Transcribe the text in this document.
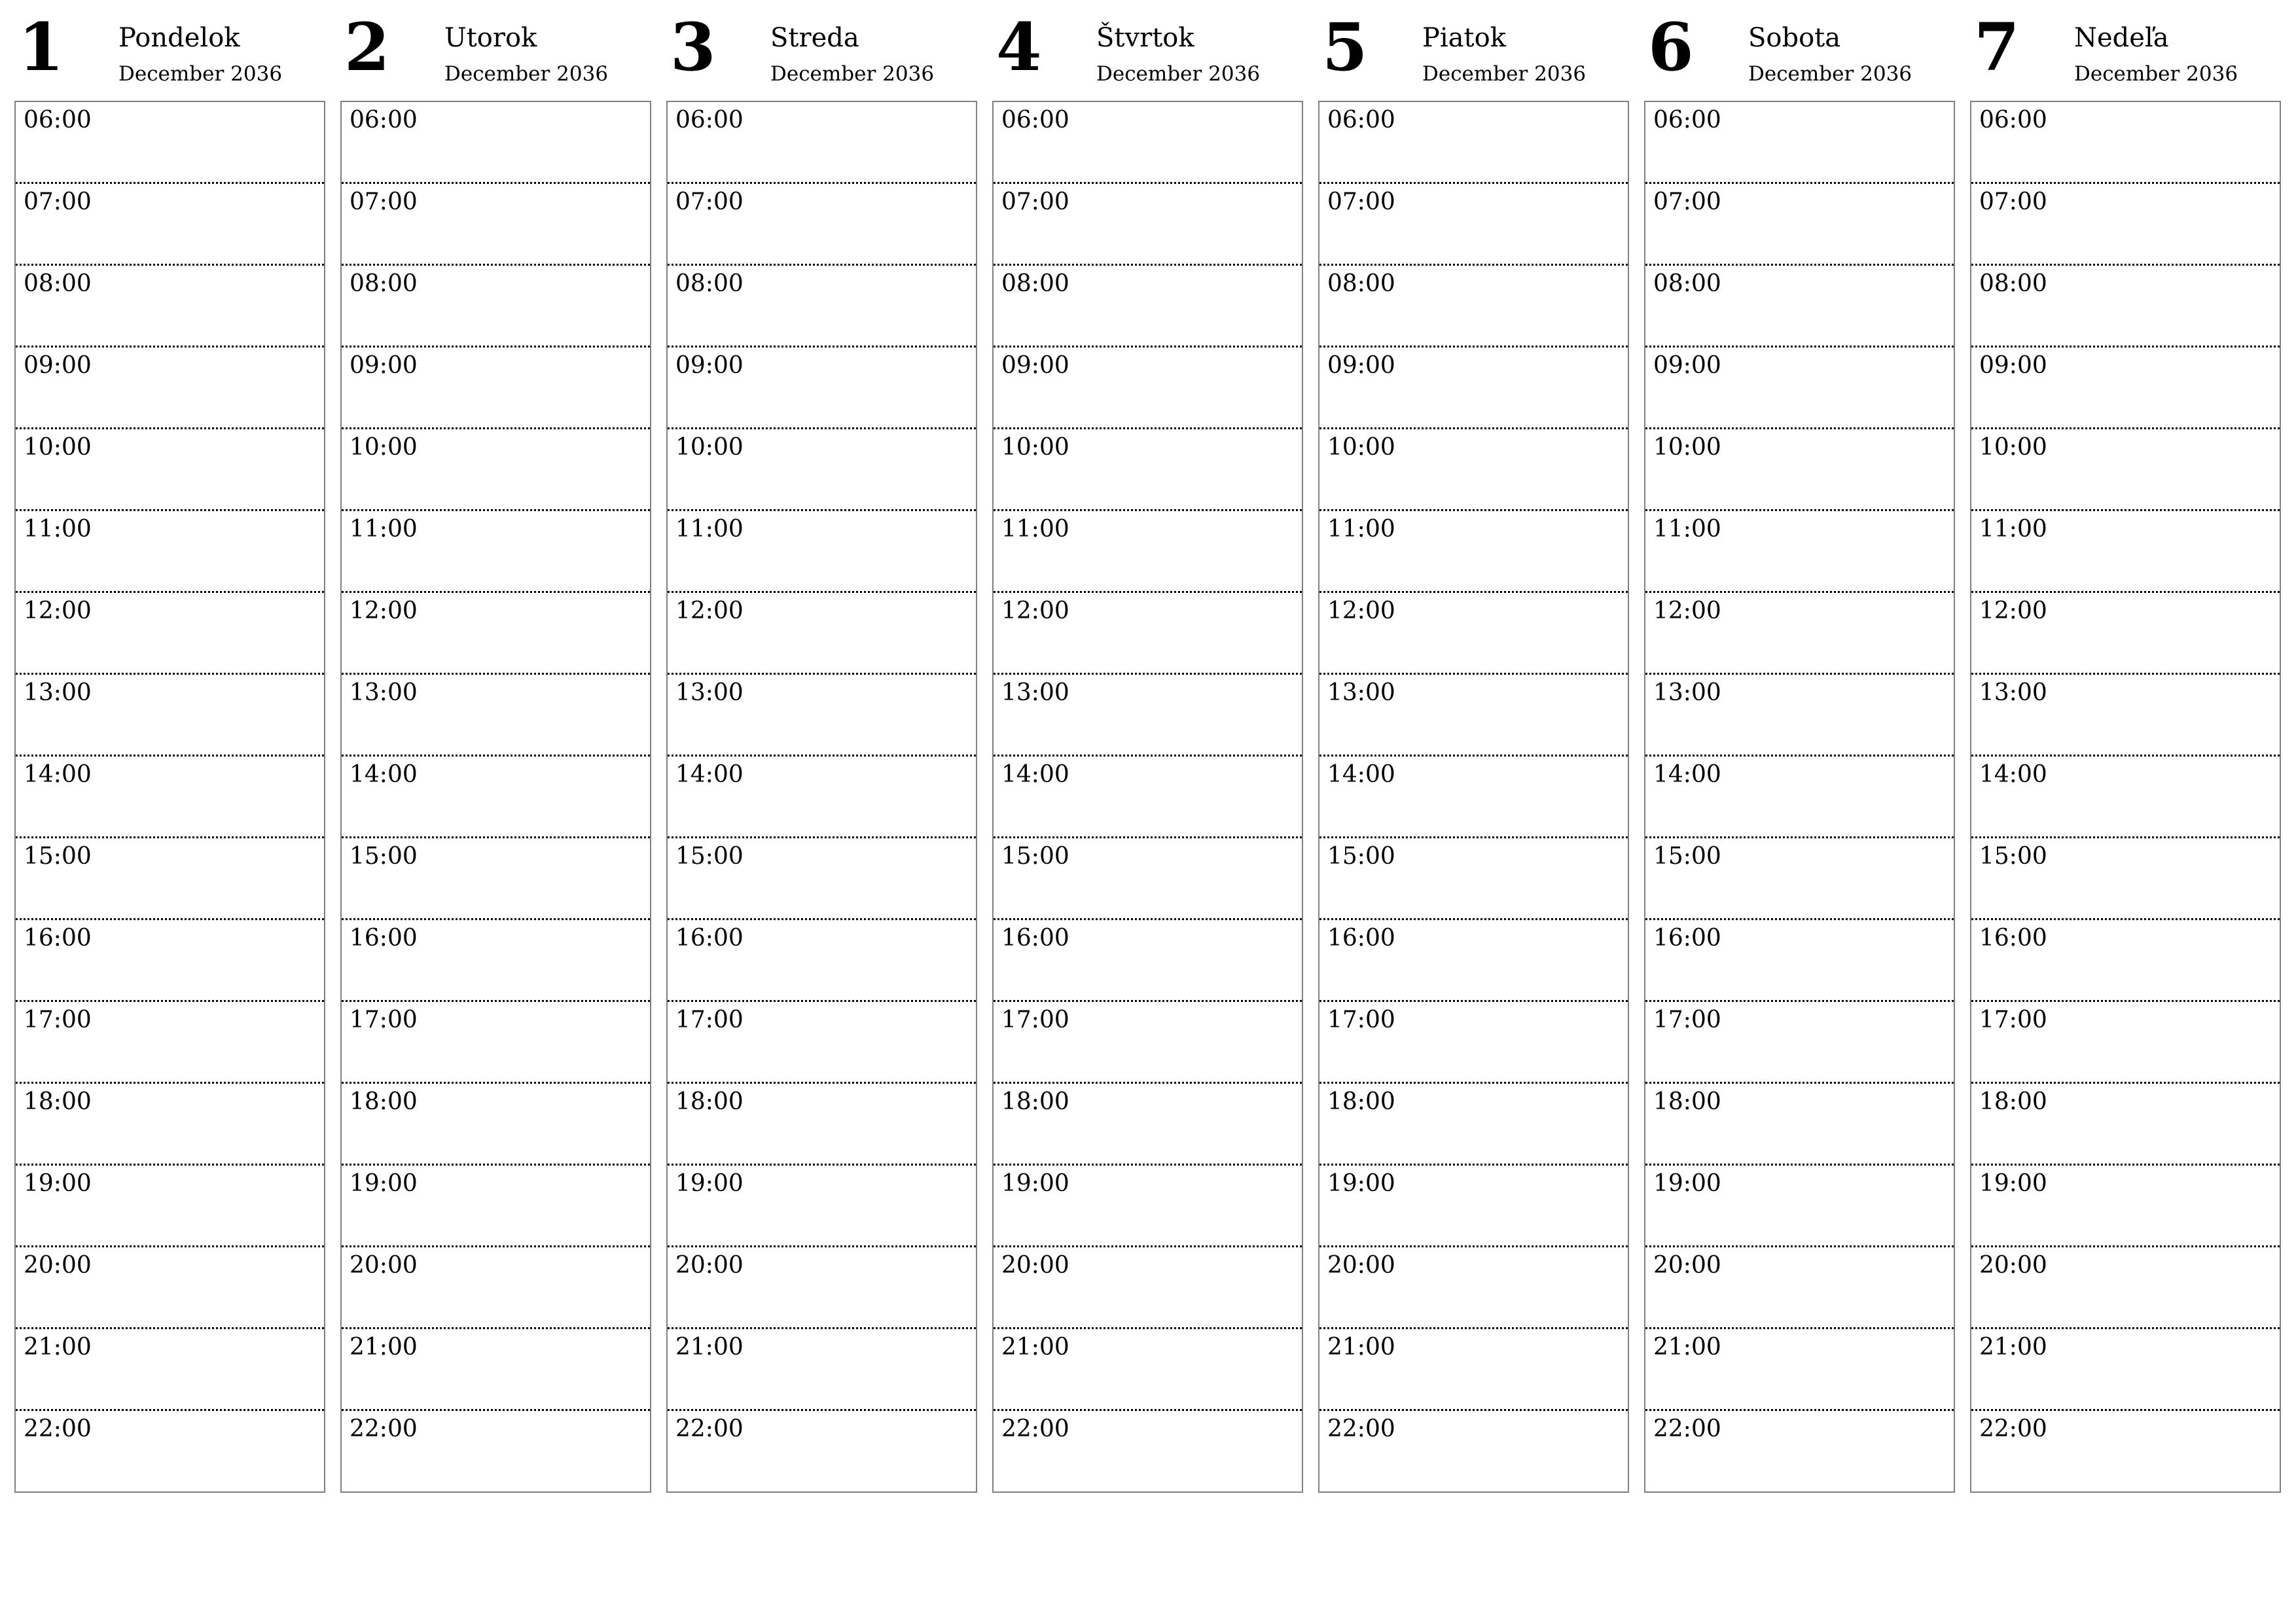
1 Pondelok
December 2036
06:00
07:00
08:00
09:00
10:00
11:00
12:00
13:00
14:00
15:00
16:00
17:00
18:00
19:00
20:00
21:00
22:00
2 Utorok
December 2036
06:00
07:00
08:00
09:00
10:00
11:00
12:00
13:00
14:00
15:00
16:00
17:00
18:00
19:00
20:00
21:00
22:00
3 Streda
December 2036
06:00
07:00
08:00
09:00
10:00
11:00
12:00
13:00
14:00
15:00
16:00
17:00
18:00
19:00
20:00
21:00
22:00
4 Štvrtok
December 2036
06:00
07:00
08:00
09:00
10:00
11:00
12:00
13:00
14:00
15:00
16:00
17:00
18:00
19:00
20:00
21:00
22:00
5 Piatok
December 2036
06:00
07:00
08:00
09:00
10:00
11:00
12:00
13:00
14:00
15:00
16:00
17:00
18:00
19:00
20:00
21:00
22:00
6 Sobota
December 2036
06:00
07:00
08:00
09:00
10:00
11:00
12:00
13:00
14:00
15:00
16:00
17:00
18:00
19:00
20:00
21:00
22:00
7 Nedeľa
December 2036
06:00
07:00
08:00
09:00
10:00
11:00
12:00
13:00
14:00
15:00
16:00
17:00
18:00
19:00
20:00
21:00
22:00
